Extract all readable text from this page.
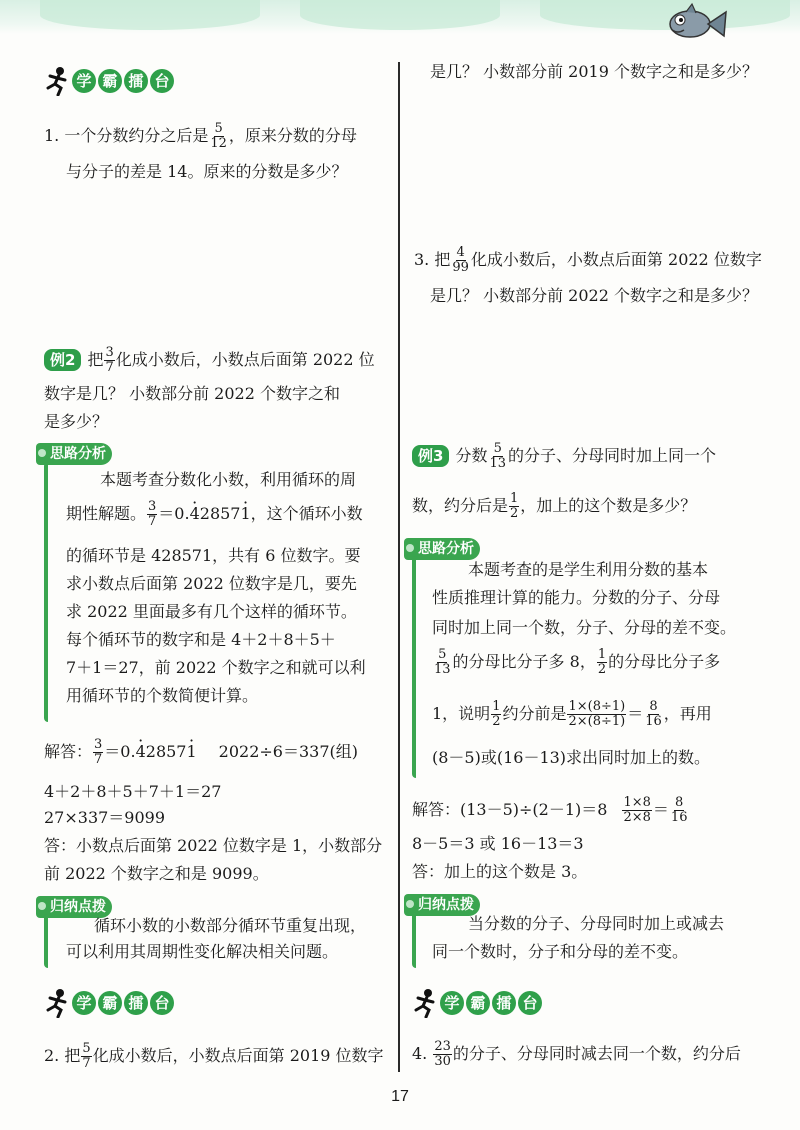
学 霸 擂 台
1. 一个分数约分之后是 $\frac{5}{12}$ ，原来分数的分母
与分子的差是 14。原来的分数是多少？
例2 把 $\frac{3}{7}$ 化成小数后，小数点后面第 2022 位
数字是几？ 小数部分前 2022 个数字之和
是多少？
思路分析
本题考查分数化小数，利用循环的周
期性解题。 $\frac{3}{7} =0.4 \cdot 28571$ ·，这个循环小数
的循环节是 428571，共有 6 位数字。要
求小数点后面第 2022 位数字是几，要先
求 2022 里面最多有几个这样的循环节。
每个循环节的数字和是 4＋2＋8＋5＋
7＋1＝27，前 2022 个数字之和就可以利
用循环节的个数简便计算。
解答： $\frac{3}{7} =0.4 \cdot 28571 \cdot 2022\div 6=337$(组)
4＋2＋8＋5＋7＋1＝27
27×337＝9099
答：小数点后面第 2022 位数字是 1，小数部分
前 2022 个数字之和是 9099。
归纳点拨
循环小数的小数部分循环节重复出现，
可以利用其周期性变化解决相关问题。
学 霸 擂 台
2. 把 $\frac{5}{7}$ 化成小数后，小数点后面第 2019 位数字
是几？ 小数部分前 2019 个数字之和是多少？
3. 把 $\frac{4}{99}$ 化成小数后，小数点后面第 2022 位数字
是几？ 小数部分前 2022 个数字之和是多少？
例3 分数 $\frac{5}{13}$ 的分子、分母同时加上同一个
数，约分后是 $\frac{1}{2}$ ，加上的这个数是多少？
思路分析
本题考查的是学生利用分数的基本
性质推理计算的能力。分数的分子、分母
同时加上同一个数，分子、分母的差不变。
$\frac{5}{13}$ 的分母比分子多 8， $\frac{1}{2}$ 的分母比分子多
1，说明 $\frac{1}{2}$ 约分前是 $\frac{1\times(8\div 1)}{2\times(8\div 1)} = \frac{8}{16}$ ，再用
(8－5)或(16－13)求出同时加上的数。
解答：$(13-5)\div(2-1)=8 \frac{1\times 8}{2\times 8} = \frac{8}{16}$
8－5＝3 或 16－13＝3
答：加上的这个数是 3。
归纳点拨
当分数的分子、分母同时加上或减去
同一个数时，分子和分母的差不变。
学 霸 擂 台
4. $\frac{23}{30}$ 的分子、分母同时减去同一个数，约分后
17
